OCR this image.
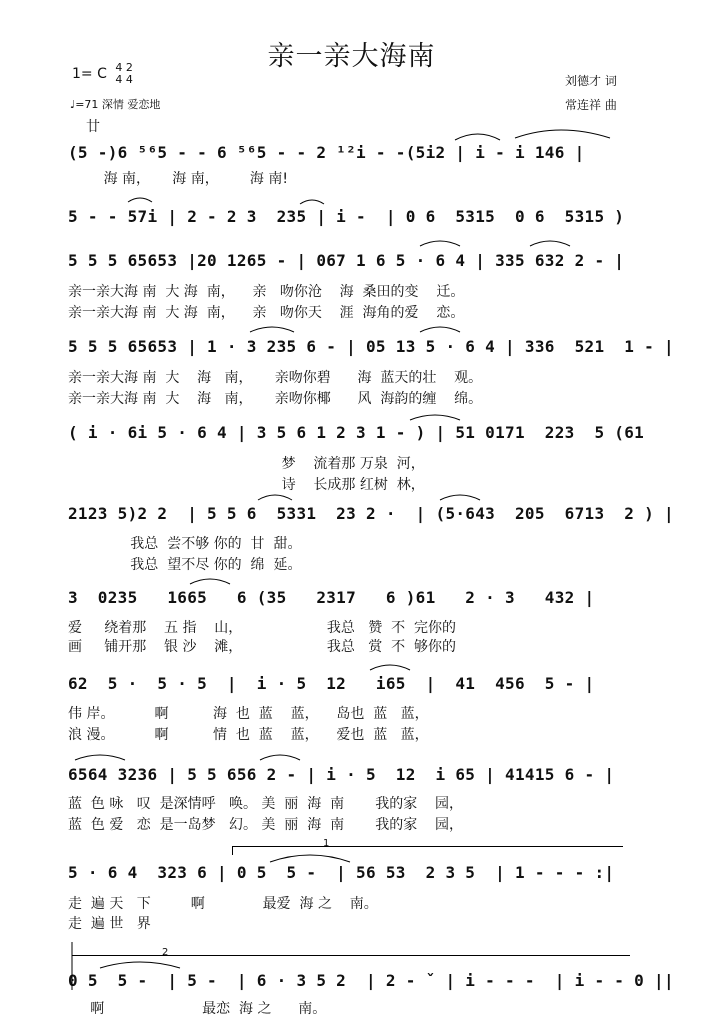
亲一亲大海南
1= C 4 2
4 4
♩=71 深情 爱恋地
刘德才 词
常连祥 曲
廿
(5 -)6 ⁵⁶5 - - 6 ⁵⁶5 - - 2 ¹²i - -(5i2 | i - i 146 |
5 - - 57i | 2 - 2 3  235 | i -  | 0 6  5315  0 6  5315 )
5 5 5 65653 |20 1265 - | 067 1 6 5 · 6 4 | 335 632 2 - |
5 5 5 65653 | 1 · 3 235 6 - | 05 13 5 · 6 4 | 336  521  1 - |
( i · 6i 5 · 6 4 | 3 5 6 1 2 3 1 - ) | 51 0171  223  5 (61
2123 5)2 2  | 5 5 6  5331  23 2 ·  | (5·643  205  6713  2 ) |
3  0235   1665   6 (35   2317   6 )61   2 · 3   432 |
62  5 ·  5 · 5  |  i · 5  12   i65  |  41  456  5 - |
6564 3236 | 5 5 656 2 - | i · 5  12  i 65 | 41415 6 - |
5 · 6 4  323 6 | 0 5  5 -  | 56 53  2 3 5  | 1 - - - :|
0 5  5 -  | 5 -  | 6 · 3 5 2  | 2 - ˇ | i - - -  | i - - 0 ||
海 南，     海 南，       海 南!
亲一亲大海 南  大 海  南，    亲   吻你沧    海  桑田的变    迁。
亲一亲大海 南  大 海  南，    亲   吻你天    涯  海角的爱    恋。
亲一亲大海 南  大    海   南，     亲吻你碧      海  蓝天的壮    观。
亲一亲大海 南  大    海   南，     亲吻你椰      风  海韵的缠    绵。
梦    流着那 万泉  河，
诗    长成那 红树  林，
我总  尝不够 你的  甘  甜。
我总  望不尽 你的  绵  延。
爱     绕着那    五 指    山，                   我总   赞  不  完你的
画     铺开那    银 沙    滩，                   我总   赏  不  够你的
伟 岸。         啊          海  也  蓝    蓝，    岛也  蓝   蓝，
浪 漫。         啊          情  也  蓝    蓝，    爱也  蓝   蓝，
蓝  色 咏   叹  是深情呼   唤。 美  丽  海  南       我的家    园，
蓝  色 爱   恋  是一岛梦   幻。 美  丽  海  南       我的家    园，
走  遍 天   下         啊             最爱  海 之    南。
走  遍 世   界
啊                      最恋  海 之      南。
1
2
